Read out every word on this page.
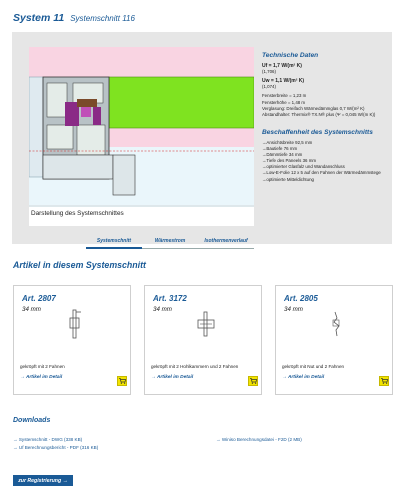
System 11 Systemschnitt 116
Darstellung des Systemschnittes
Systemschnitt	Wärmestrom	Isothermenverlauf
Technische Daten
Uf = 1,7 W/(m² K)
(1,706)
Uw = 1,1 W/(m² K)
(1,074)
Fensterbreite = 1,23 m
Fensterhöhe = 1,48 m
Verglasung: Dreifach Wärmedämmglas 0,7 W/(m² K)
Abstandhalter: Thermix® TX.N® plus (Ψ = 0,045 W/(m K))
Beschaffenheit des Systemschnitts
→ Ansichtsbreite 92,5 mm
→ Bautiefe 76 mm
→ Dämmtiefe 34 mm
→ Tiefe des Paneels 36 mm
→ optimierter Glasfalz und Wandanschluss
→ Low-E-Folie 12 x 5 auf den Fahnen der Wärmedämmstege
→ optimierte Mitteldichtung
Artikel in diesem Systemschnitt
Art. 2807
34 mm
gekröpft mit 2 Fahnen
→ Artikel im Detail
Art. 3172
34 mm
gekröpft mit 2 Hohlkammern und 2 Fahnen
→ Artikel im Detail
Art. 2805
34 mm
gekröpft mit Nut und 2 Fahnen
→ Artikel im Detail
Downloads
→ Systemschnitt - DWG (338 KB)
→ Uf Berechnungsbericht - PDF (316 KB)
→ Winiso Berechnungsdatei - F2D (2 MB)
zur Registrierung →
